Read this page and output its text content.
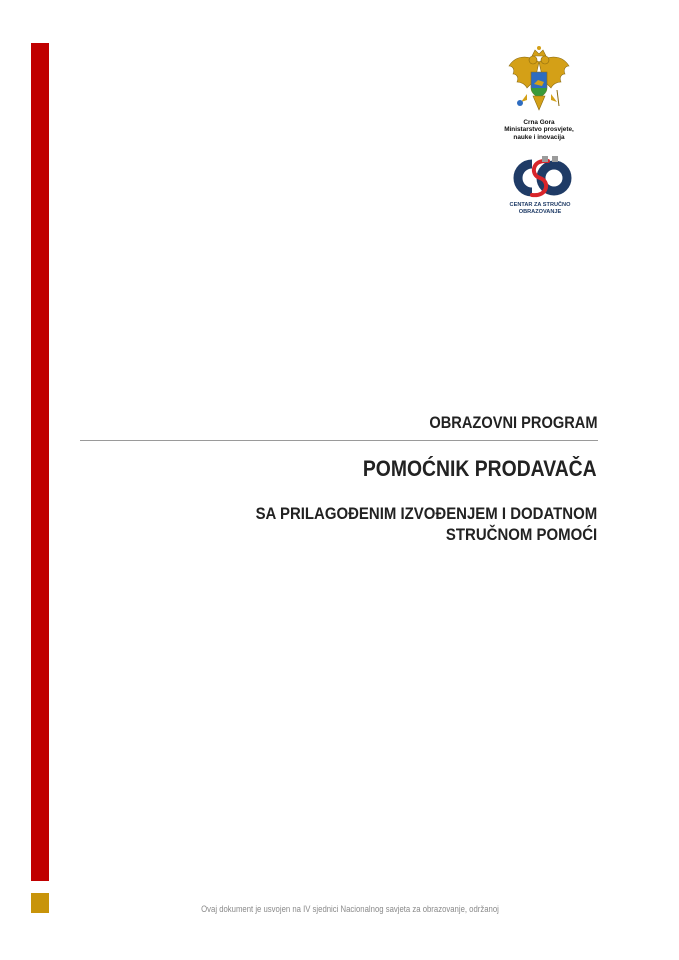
Crna Gora
Ministarstvo prosvjete,
nauke i inovacija
CENTAR ZA STRUČNO
OBRAZOVANJE
OBRAZOVNI PROGRAM
POMOĆNIK PRODAVAČA
SA PRILAGOĐENIM IZVOĐENJEM I DODATNOM
STRUČNOM POMOĆI
Ovaj dokument je usvojen na IV sjednici Nacionalnog savjeta za obrazovanje, održanoj
